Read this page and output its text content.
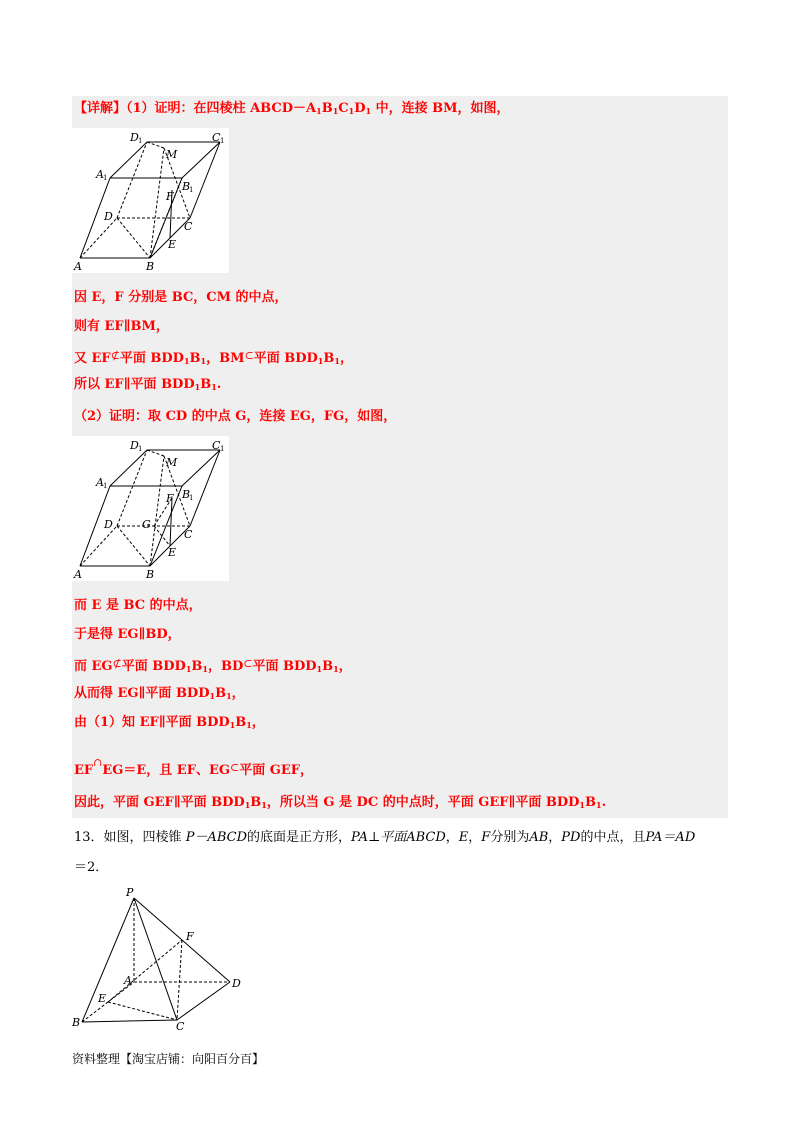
【详解】（1）证明：在四棱柱 $ABCD-A_1B_1C_1D_1$ 中，连接 BM，如图，
D 1	C 1
A 1
B
1
M
F
D
C
E
A	B
因 E，F 分别是 BC，CM 的中点，
则有 EF∥BM，
又 EF⊄平面 $BDD_1B_1$，BM⊂平面 $BDD_1B_1$，
所以 EF∥平面 $BDD_1B_1$.
（2）证明：取 CD 的中点 G，连接 EG，FG，如图，
D 1	C 1
A 1
B
1
M
F
G
D
C
E
A	B
而 E 是 BC 的中点，
于是得 EG∥BD，
而 EG⊄平面 $BDD_1B_1$，BD⊂平面 $BDD_1B_1$，
从而得 EG∥平面 $BDD_1B_1$，
由（1）知 EF∥平面 $BDD_1B_1$，
EF∩EG＝E，且 EF、EG⊂平面 GEF，
因此，平面 GEF∥平面 $BDD_1B_1$，所以当 G 是 DC 的中点时，平面 GEF∥平面 $BDD_1B_1$.
13．如图，四棱锥 P－ABCD的底面是正方形，PA⊥平面ABCD，E，F分别为AB，PD的中点，且PA＝AD
＝2．
P
F
A	D
E
B	C
资料整理【淘宝店铺：向阳百分百】
